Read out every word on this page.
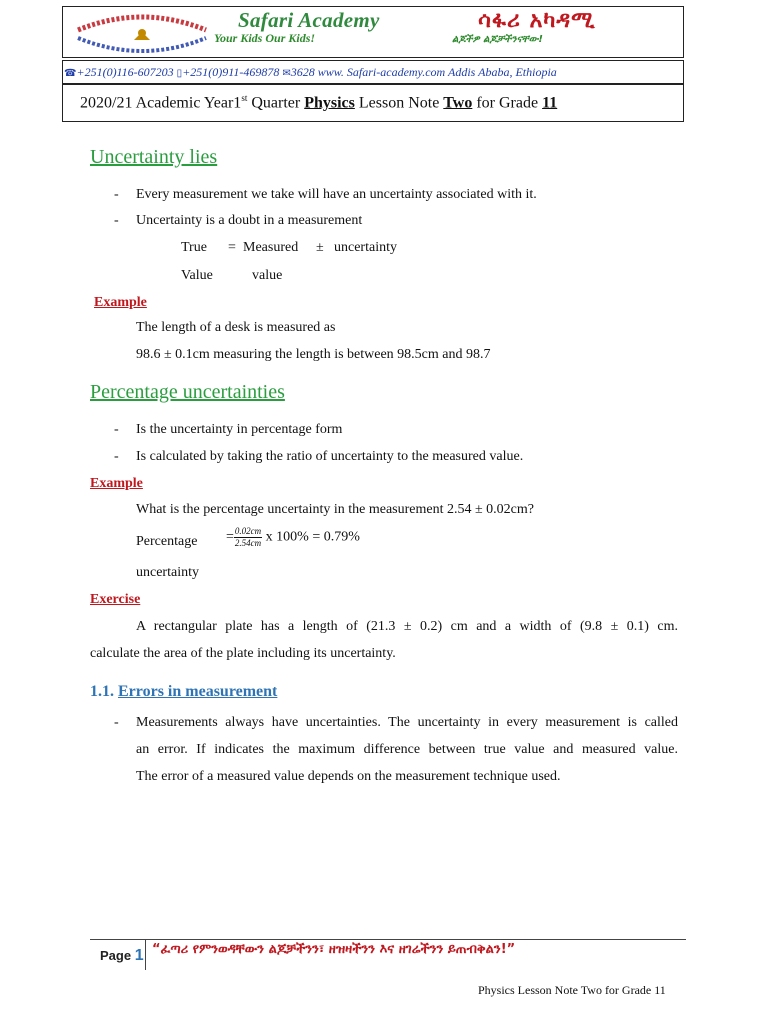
Safari Academy
Your Kids Our Kids!
ሳፋሪ አካዳሚ
ልጆችዎ ልጆቻችንናቸው!
☎+251(0)116-607203 ▯+251(0)911-469878 ✉3628 www. Safari-academy.com Addis Ababa, Ethiopia
2020/21 Academic Year1st Quarter Physics Lesson Note Two for Grade 11
Uncertainty lies
- Every measurement we take will have an uncertainty associated with it.
- Uncertainty is a doubt in a measurement
True = Measured ± uncertainty
Value	value
Example
The length of a desk is measured as
98.6 ± 0.1cm measuring the length is between 98.5cm and 98.7
Percentage uncertainties
- Is the uncertainty in percentage form
- Is calculated by taking the ratio of uncertainty to the measured value.
Example
What is the percentage uncertainty in the measurement 2.54 ± 0.02cm?
Percentage = $\frac{0.02cm}{2.54cm}$ x 100% = 0.79%
uncertainty
Exercise
A rectangular plate has a length of (21.3 ± 0.2) cm and a width of (9.8 ± 0.1) cm.
calculate the area of the plate including its uncertainty.
1.1. Errors in measurement
- Measurements always have uncertainties. The uncertainty in every measurement is called
an error. If indicates the maximum difference between true value and measured value.
The error of a measured value depends on the measurement technique used.
Page 1 “ፈጣሪ የምንወዳቸውን ልጆቻችንን፣ ዘዝዛችንን እና ዘገሬችንን ይጠብቅልን!”
Physics Lesson Note Two for Grade 11
